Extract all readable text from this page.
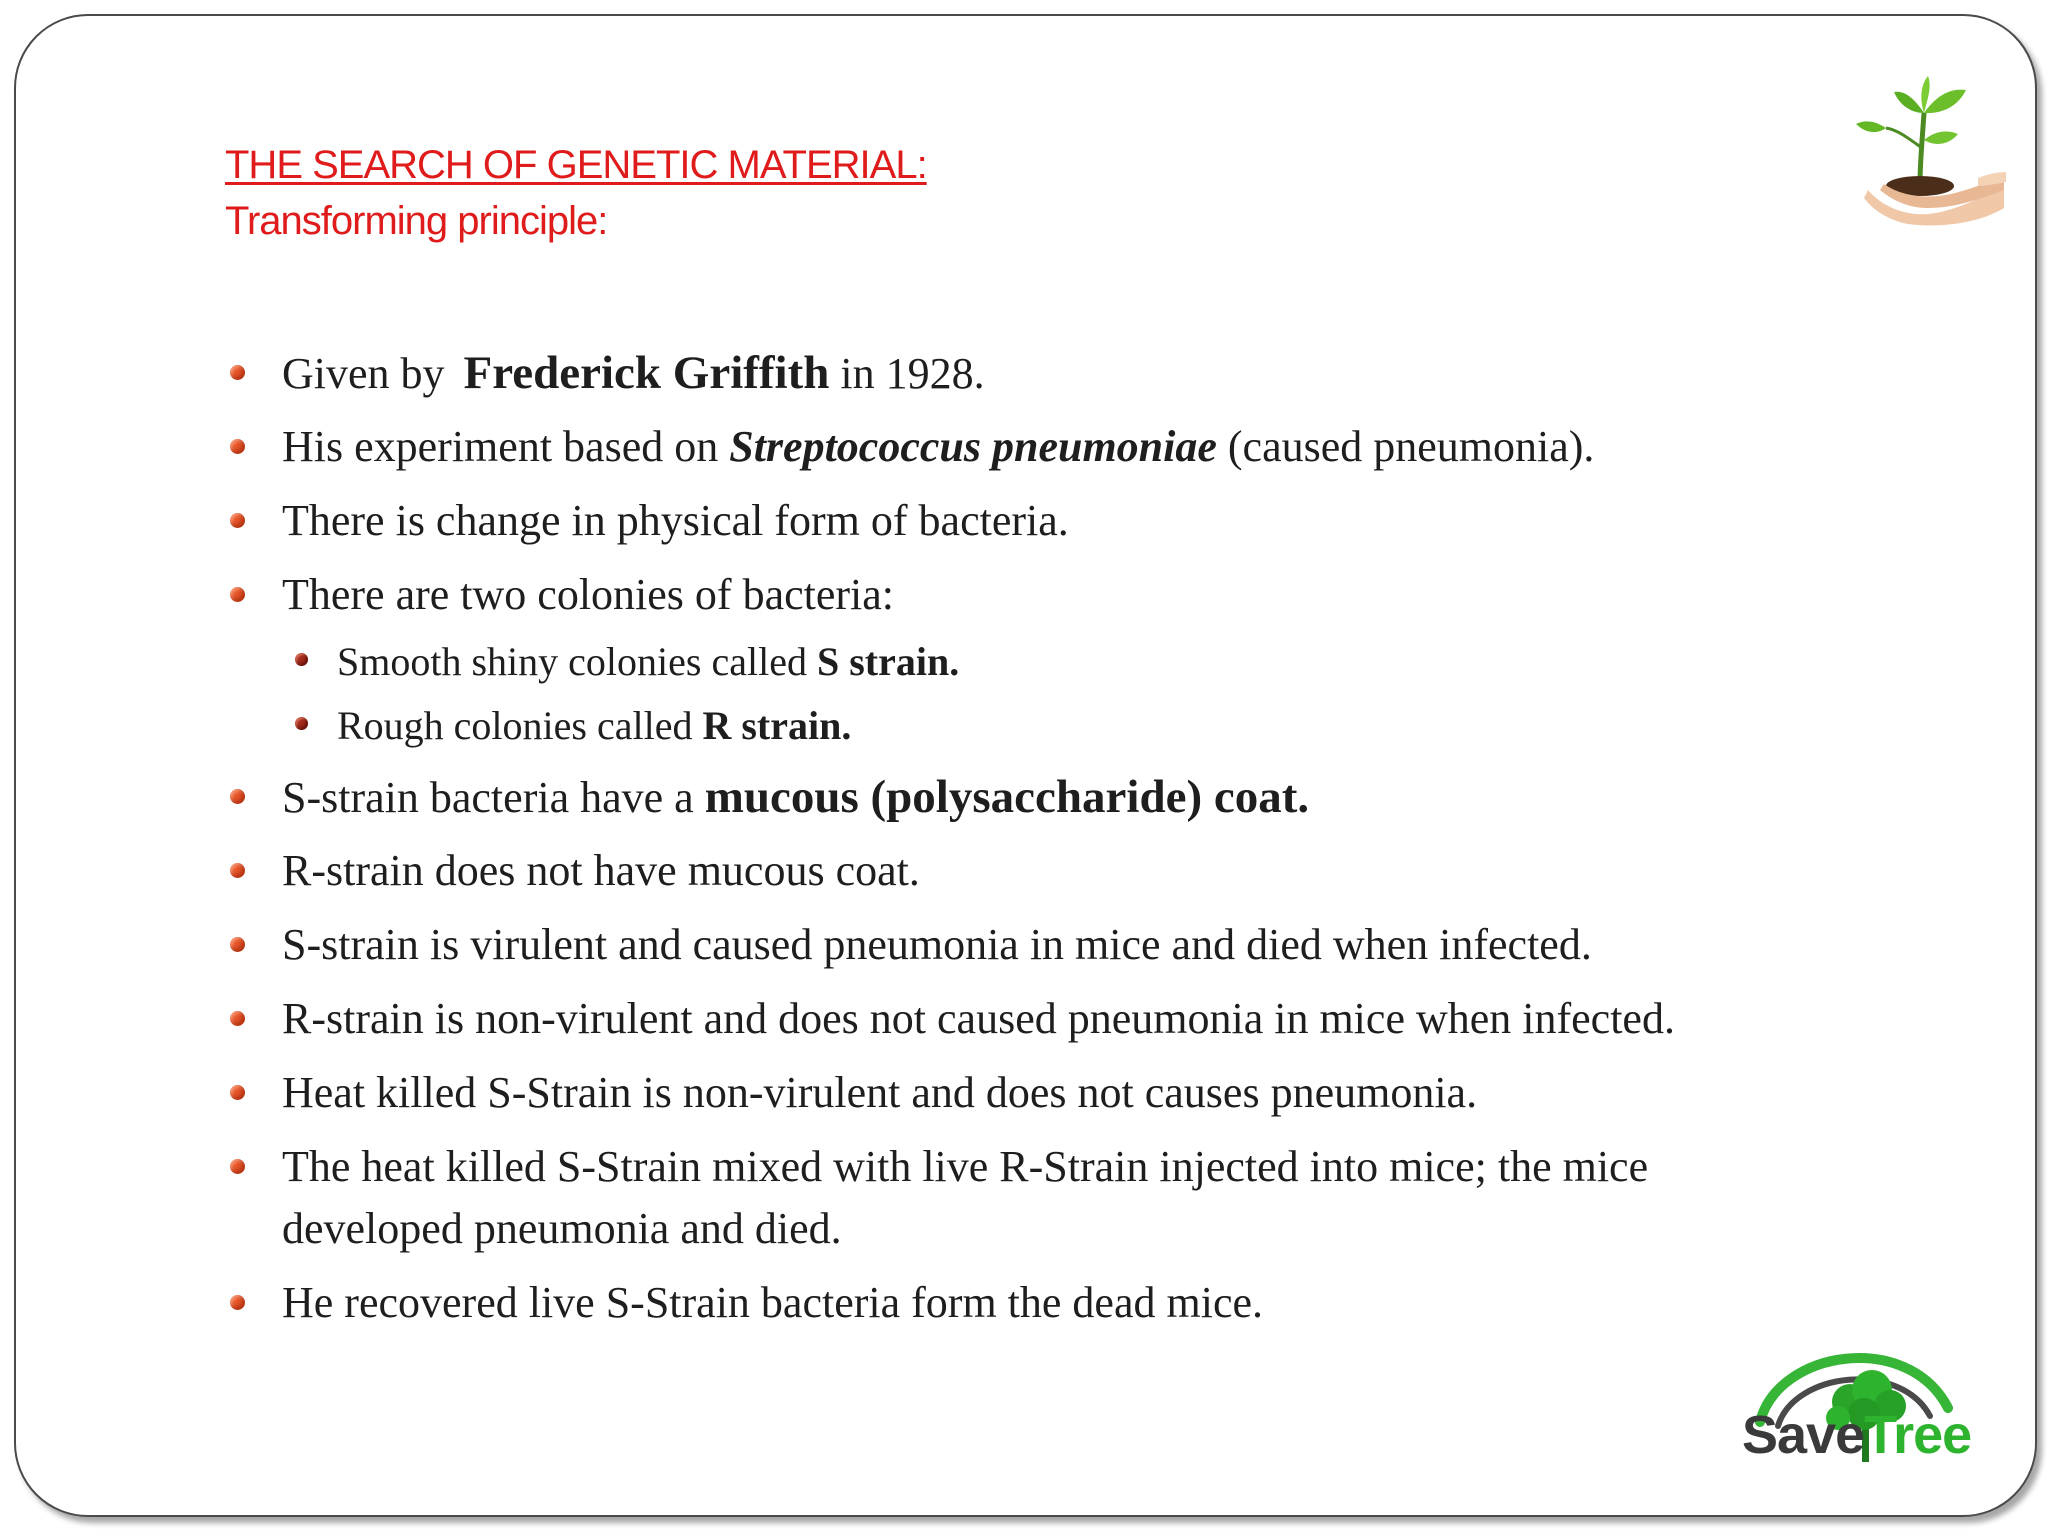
THE SEARCH OF GENETIC MATERIAL:
Transforming principle:
Given by Frederick Griffith in 1928.
His experiment based on Streptococcus pneumoniae (caused pneumonia).
There is change in physical form of bacteria.
There are two colonies of bacteria:
Smooth shiny colonies called S strain.
Rough colonies called R strain.
S-strain bacteria have a mucous (polysaccharide) coat.
R-strain does not have mucous coat.
S-strain is virulent and caused pneumonia in mice and died when infected.
R-strain is non-virulent and does not caused pneumonia in mice when infected.
Heat killed S-Strain is non-virulent and does not causes pneumonia.
The heat killed S-Strain mixed with live R-Strain injected into mice; the mice
developed pneumonia and died.
He recovered live S-Strain bacteria form the dead mice.
SaveTree
